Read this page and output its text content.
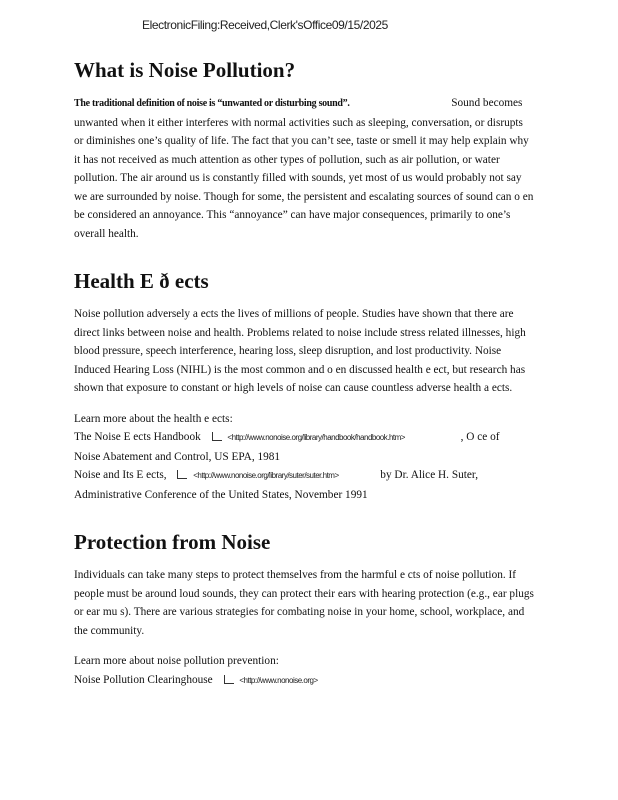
ElectronicFiling:Received,Clerk'sOffice09/15/2025
What is Noise Pollution?

The traditional definition of noise is “unwanted or disturbing sound”.	Sound becomes unwanted when it either interferes with normal activities such as sleeping, conversation, or disrupts or diminishes one’s quality of life. The fact that you can’t see, taste or smell it may help explain why it has not received as much attention as other types of pollution, such as air pollution, or water pollution. The air around us is constantly filled with sounds, yet most of us would probably not say we are surrounded by noise. Though for some, the persistent and escalating sources of sound can o en be considered an annoyance. This “annoyance” can have major consequences, primarily to one’s overall health.

Health E ð ects

Noise pollution adversely a ects the lives of millions of people. Studies have shown that there are direct links between noise and health. Problems related to noise include stress related illnesses, high blood pressure, speech interference, hearing loss, sleep disruption, and lost productivity. Noise Induced Hearing Loss (NIHL) is the most common and o en discussed health e ect, but research has shown that exposure to constant or high levels of noise can cause countless adverse health a ects.

Learn more about the health e ects:
The Noise E ects Handbook	<http://www.nonoise.org/library/handbook/handbook.htm>	, O ce of
Noise Abatement and Control, US EPA, 1981
Noise and Its E ects,	<http://www.nonoise.org/library/suter/suter.htm>	by Dr. Alice H. Suter,
Administrative Conference of the United States, November 1991
Protection from Noise

Individuals can take many steps to protect themselves from the harmful e cts of noise pollution. If people must be around loud sounds, they can protect their ears with hearing protection (e.g., ear plugs or ear mu s). There are various strategies for combating noise in your home, school, workplace, and the community.

Learn more about noise pollution prevention:
Noise Pollution Clearinghouse	<http://www.nonoise.org>
